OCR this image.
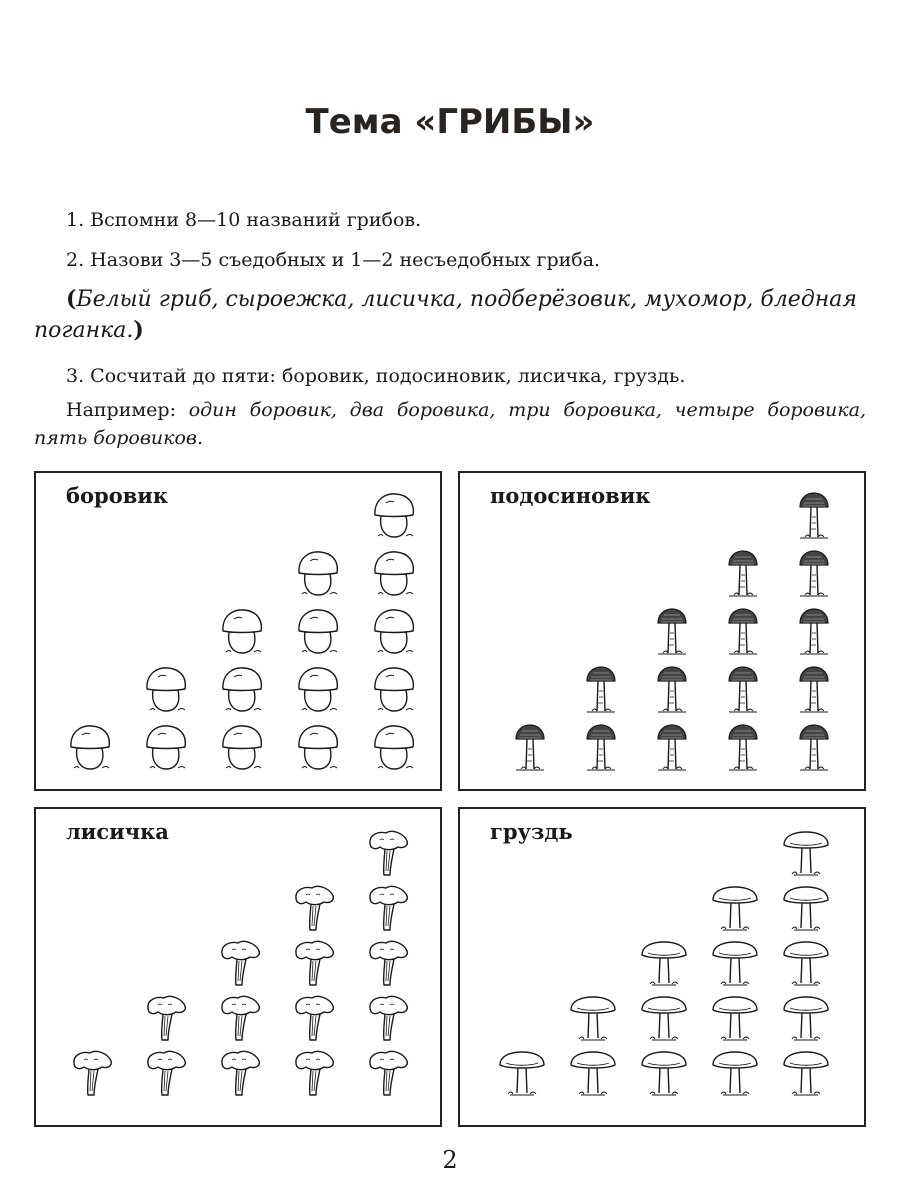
Тема «ГРИБЫ»

1. Вспомни 8—10 названий грибов.

2. Назови 3—5 съедобных и 1—2 несъедобных гриба.

(Белый гриб, сыроежка, лисичка, подберёзовик, мухомор, бледная поганка.)

3. Сосчитай до пяти: боровик, подосиновик, лисичка, груздь.

Например: один боровик, два боровика, три боровика, четыре боровика, пять боровиков.

боровик	подосиновик
лисичка	груздь
2
